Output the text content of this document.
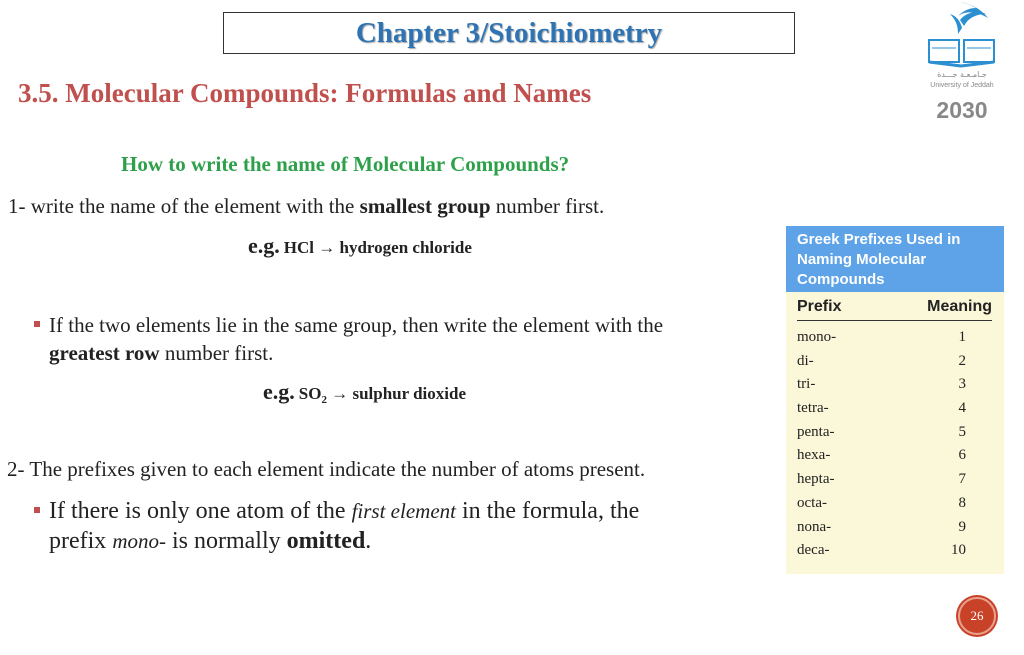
Chapter 3/Stoichiometry
3.5. Molecular Compounds: Formulas and Names
How to write the name of Molecular Compounds?
1- write the name of the element with the smallest group number first.
e.g. HCl → hydrogen chloride
If the two elements lie in the same group, then write the element with the
greatest row number first.
e.g. $SO_2$ → sulphur dioxide
2- The prefixes given to each element indicate the number of atoms present.
If there is only one atom of the first element in the formula, the
prefix mono- is normally omitted.
Greek Prefixes Used in Naming Molecular Compounds
Prefix	Meaning
mono-	1
di-	2
tri-	3
tetra-	4
penta-	5
hexa-	6
hepta-	7
octa-	8
nona-	9
deca-	10
جـامـعـة جـــدة
University of Jeddah
2030
26
